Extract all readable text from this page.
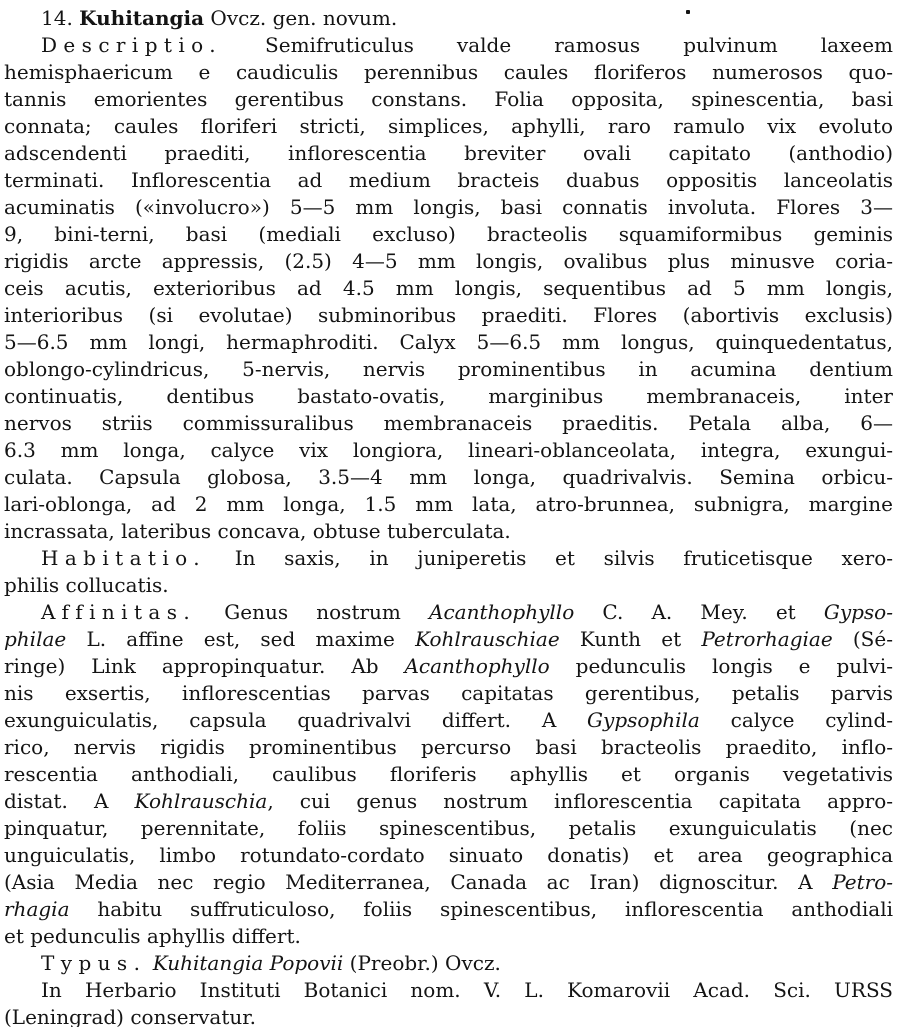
14. Kuhitangia Ovcz. gen. novum.
Descriptio. Semifruticulus valde ramosus pulvinum laxeem
hemisphaericum e caudiculis perennibus caules floriferos numerosos quo-
tannis emorientes gerentibus constans. Folia opposita, spinescentia, basi
connata; caules floriferi stricti, simplices, aphylli, raro ramulo vix evoluto
adscendenti praediti, inflorescentia breviter ovali capitato (anthodio)
terminati. Inflorescentia ad medium bracteis duabus oppositis lanceolatis
acuminatis («involucro») 5—5 mm longis, basi connatis involuta. Flores 3—
9, bini-terni, basi (mediali excluso) bracteolis squamiformibus geminis
rigidis arcte appressis, (2.5) 4—5 mm longis, ovalibus plus minusve coria-
ceis acutis, exterioribus ad 4.5 mm longis, sequentibus ad 5 mm longis,
interioribus (si evolutae) subminoribus praediti. Flores (abortivis exclusis)
5—6.5 mm longi, hermaphroditi. Calyx 5—6.5 mm longus, quinquedentatus,
oblongo-cylindricus, 5-nervis, nervis prominentibus in acumina dentium
continuatis, dentibus bastato-ovatis, marginibus membranaceis, inter
nervos striis commissuralibus membranaceis praeditis. Petala alba, 6—
6.3 mm longa, calyce vix longiora, lineari-oblanceolata, integra, exungui-
culata. Capsula globosa, 3.5—4 mm longa, quadrivalvis. Semina orbicu-
lari-oblonga, ad 2 mm longa, 1.5 mm lata, atro-brunnea, subnigra, margine
incrassata, lateribus concava, obtuse tuberculata.
Habitatio. In saxis, in juniperetis et silvis fruticetisque xero-
philis collucatis.
Affinitas. Genus nostrum Acanthophyllo C. A. Mey. et Gypso-
philae L. affine est, sed maxime Kohlrauschiae Kunth et Petrorhagiae (Sé-
ringe) Link appropinquatur. Ab Acanthophyllo pedunculis longis e pulvi-
nis exsertis, inflorescentias parvas capitatas gerentibus, petalis parvis
exunguiculatis, capsula quadrivalvi differt. A Gypsophila calyce cylind-
rico, nervis rigidis prominentibus percurso basi bracteolis praedito, inflo-
rescentia anthodiali, caulibus floriferis aphyllis et organis vegetativis
distat. A Kohlrauschia, cui genus nostrum inflorescentia capitata appro-
pinquatur, perennitate, foliis spinescentibus, petalis exunguiculatis (nec
unguiculatis, limbo rotundato-cordato sinuato donatis) et area geographica
(Asia Media nec regio Mediterranea, Canada ac Iran) dignoscitur. A Petro-
rhagia habitu suffruticuloso, foliis spinescentibus, inflorescentia anthodiali
et pedunculis aphyllis differt.
Typus. Kuhitangia Popovii (Preobr.) Ovcz.
In Herbario Instituti Botanici nom. V. L. Komarovii Acad. Sci. URSS
(Leningrad) conservatur.
